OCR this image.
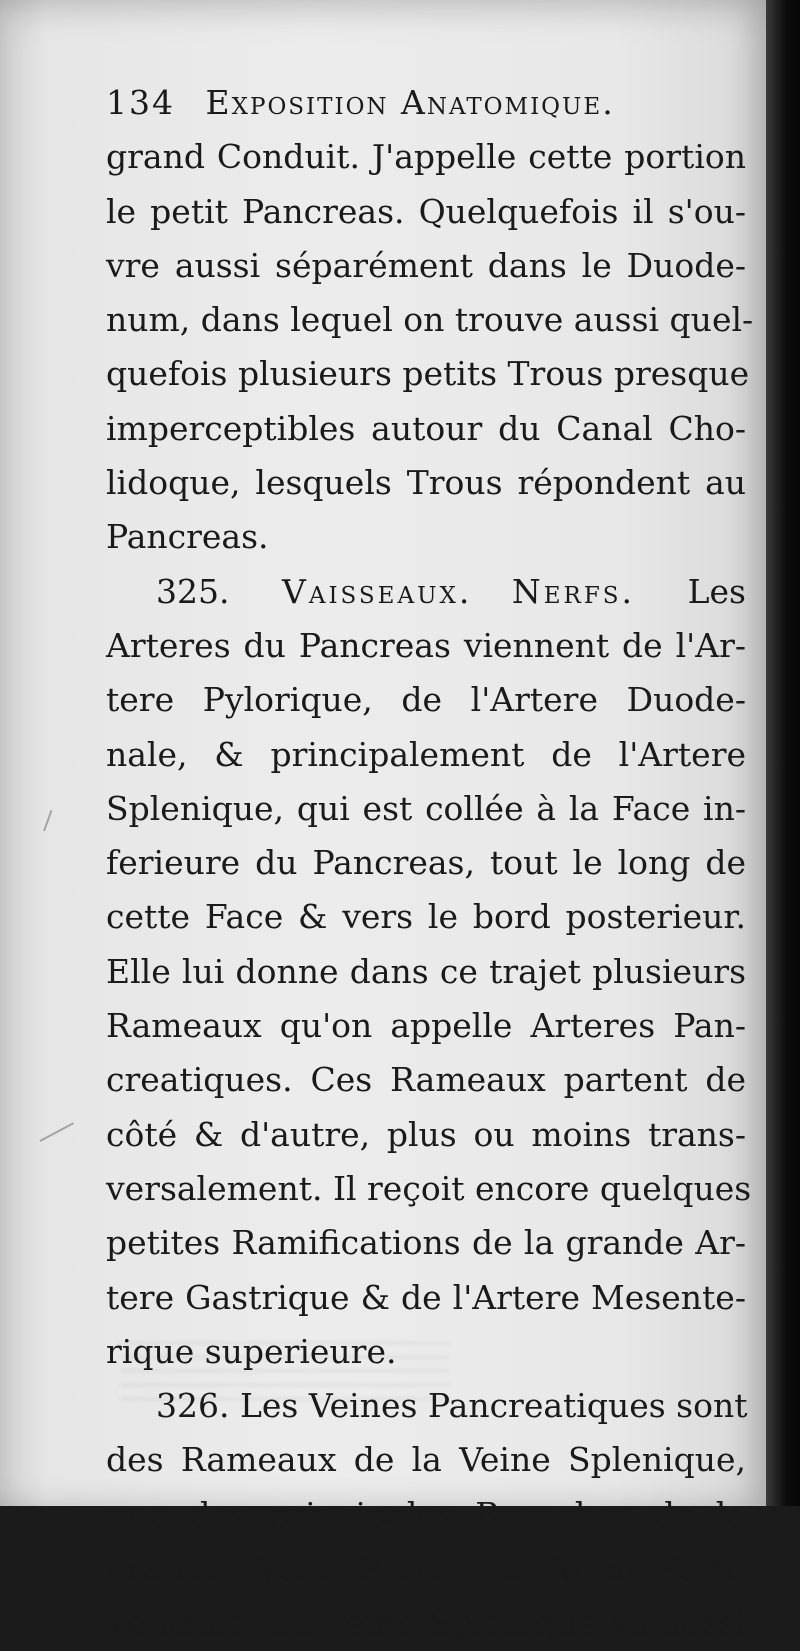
134 Exposition Anatomique.
grand Conduit. J'appelle cette portion
le petit Pancreas. Quelquefois il s'ou-
vre aussi séparément dans le Duode-
num, dans lequel on trouve aussi quel-
quefois plusieurs petits Trous presque
imperceptibles autour du Canal Cho-
lidoque, lesquels Trous répondent au
Pancreas.
325. Vaisseaux. Nerfs. Les
Arteres du Pancreas viennent de l'Ar-
tere Pylorique, de l'Artere Duode-
nale, & principalement de l'Artere
Splenique, qui est collée à la Face in-
ferieure du Pancreas, tout le long de
cette Face & vers le bord posterieur.
Elle lui donne dans ce trajet plusieurs
Rameaux qu'on appelle Arteres Pan-
creatiques. Ces Rameaux partent de
côté & d'autre, plus ou moins trans-
versalement. Il reçoit encore quelques
petites Ramifications de la grande Ar-
tere Gastrique & de l'Artere Mesente-
rique superieure.
326. Les Veines Pancreatiques sont
des Rameaux de la Veine Splenique,
une des principales Branches de la
grande Veine-Porte ou Veine-Porte
Ventrale. La Veine Splenique va aussi
